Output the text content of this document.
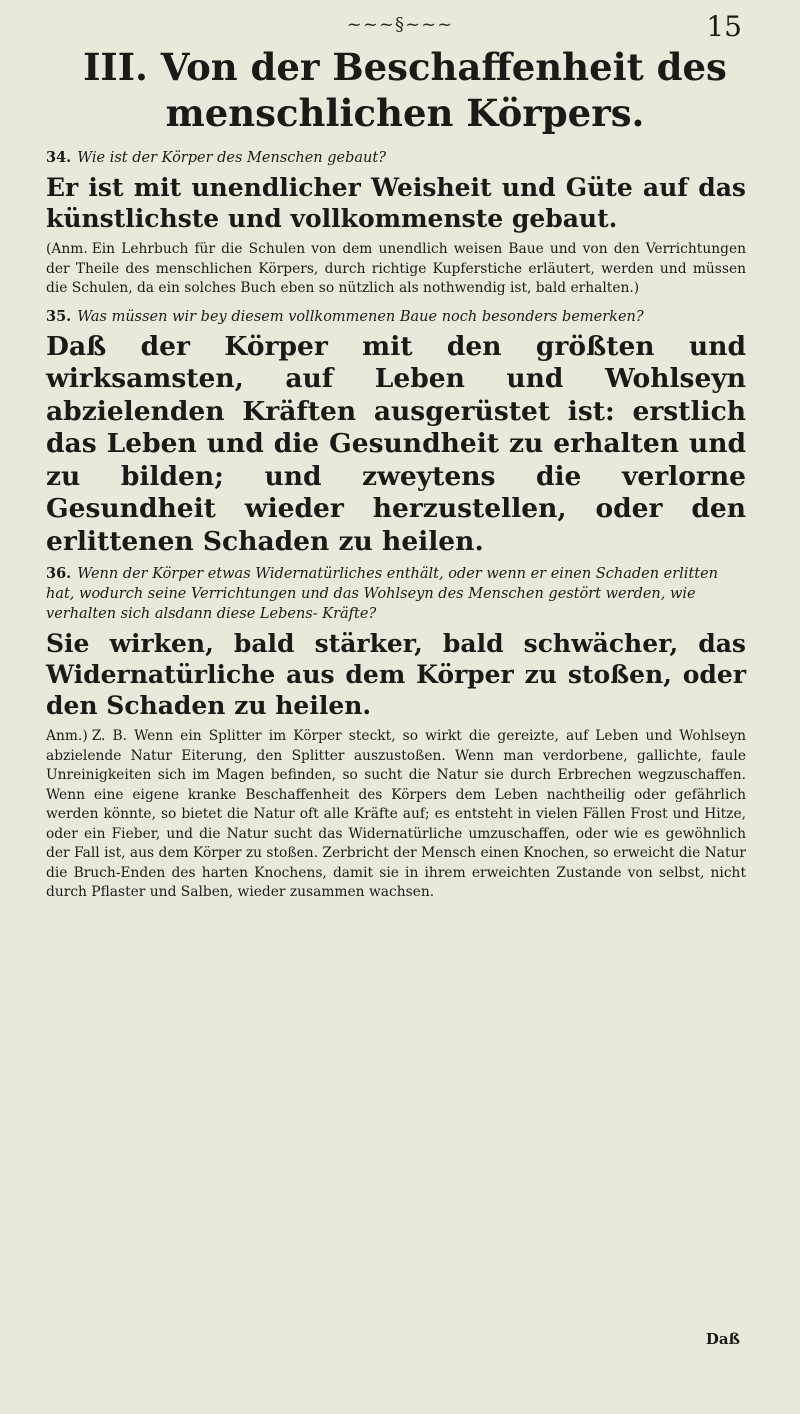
~~~§~~~	15
III. Von der Beschaffenheit des menschlichen Körpers.

34. Wie ist der Körper des Menschen gebaut?

Er ist mit unendlicher Weisheit und Güte auf das künstlichste und vollkommenste gebaut.

(Anm. Ein Lehrbuch für die Schulen von dem unendlich weisen Baue und von den Verrichtungen der Theile des menschlichen Körpers, durch richtige Kupferstiche erläutert, werden und müssen die Schulen, da ein solches Buch eben so nützlich als nothwendig ist, bald erhalten.)

35. Was müssen wir bey diesem vollkommenen Baue noch besonders bemerken?

Daß der Körper mit den größten und wirksamsten, auf Leben und Wohlseyn abzielenden Kräften ausgerüstet ist: erstlich das Leben und die Gesundheit zu erhalten und zu bilden; und zweytens die verlorne Gesundheit wieder herzustellen, oder den erlittenen Schaden zu heilen.

36. Wenn der Körper etwas Widernatürliches enthält, oder wenn er einen Schaden erlitten hat, wodurch seine Verrichtungen und das Wohlseyn des Menschen gestört werden, wie verhalten sich alsdann diese Lebens- Kräfte?

Sie wirken, bald stärker, bald schwächer, das Widernatürliche aus dem Körper zu stoßen, oder den Schaden zu heilen.

Anm.) Z. B. Wenn ein Splitter im Körper steckt, so wirkt die gereizte, auf Leben und Wohlseyn abzielende Natur Eiterung, den Splitter auszustoßen. Wenn man verdorbene, gallichte, faule Unreinigkeiten sich im Magen befinden, so sucht die Natur sie durch Erbrechen wegzuschaffen. Wenn eine eigene kranke Beschaffenheit des Körpers dem Leben nachtheilig oder gefährlich werden könnte, so bietet die Natur oft alle Kräfte auf; es entsteht in vielen Fällen Frost und Hitze, oder ein Fieber, und die Natur sucht das Widernatürliche umzuschaffen, oder wie es gewöhnlich der Fall ist, aus dem Körper zu stoßen. Zerbricht der Mensch einen Knochen, so erweicht die Natur die Bruch-Enden des harten Knochens, damit sie in ihrem erweichten Zustande von selbst, nicht durch Pflaster und Salben, wieder zusammen wachsen.

Daß
